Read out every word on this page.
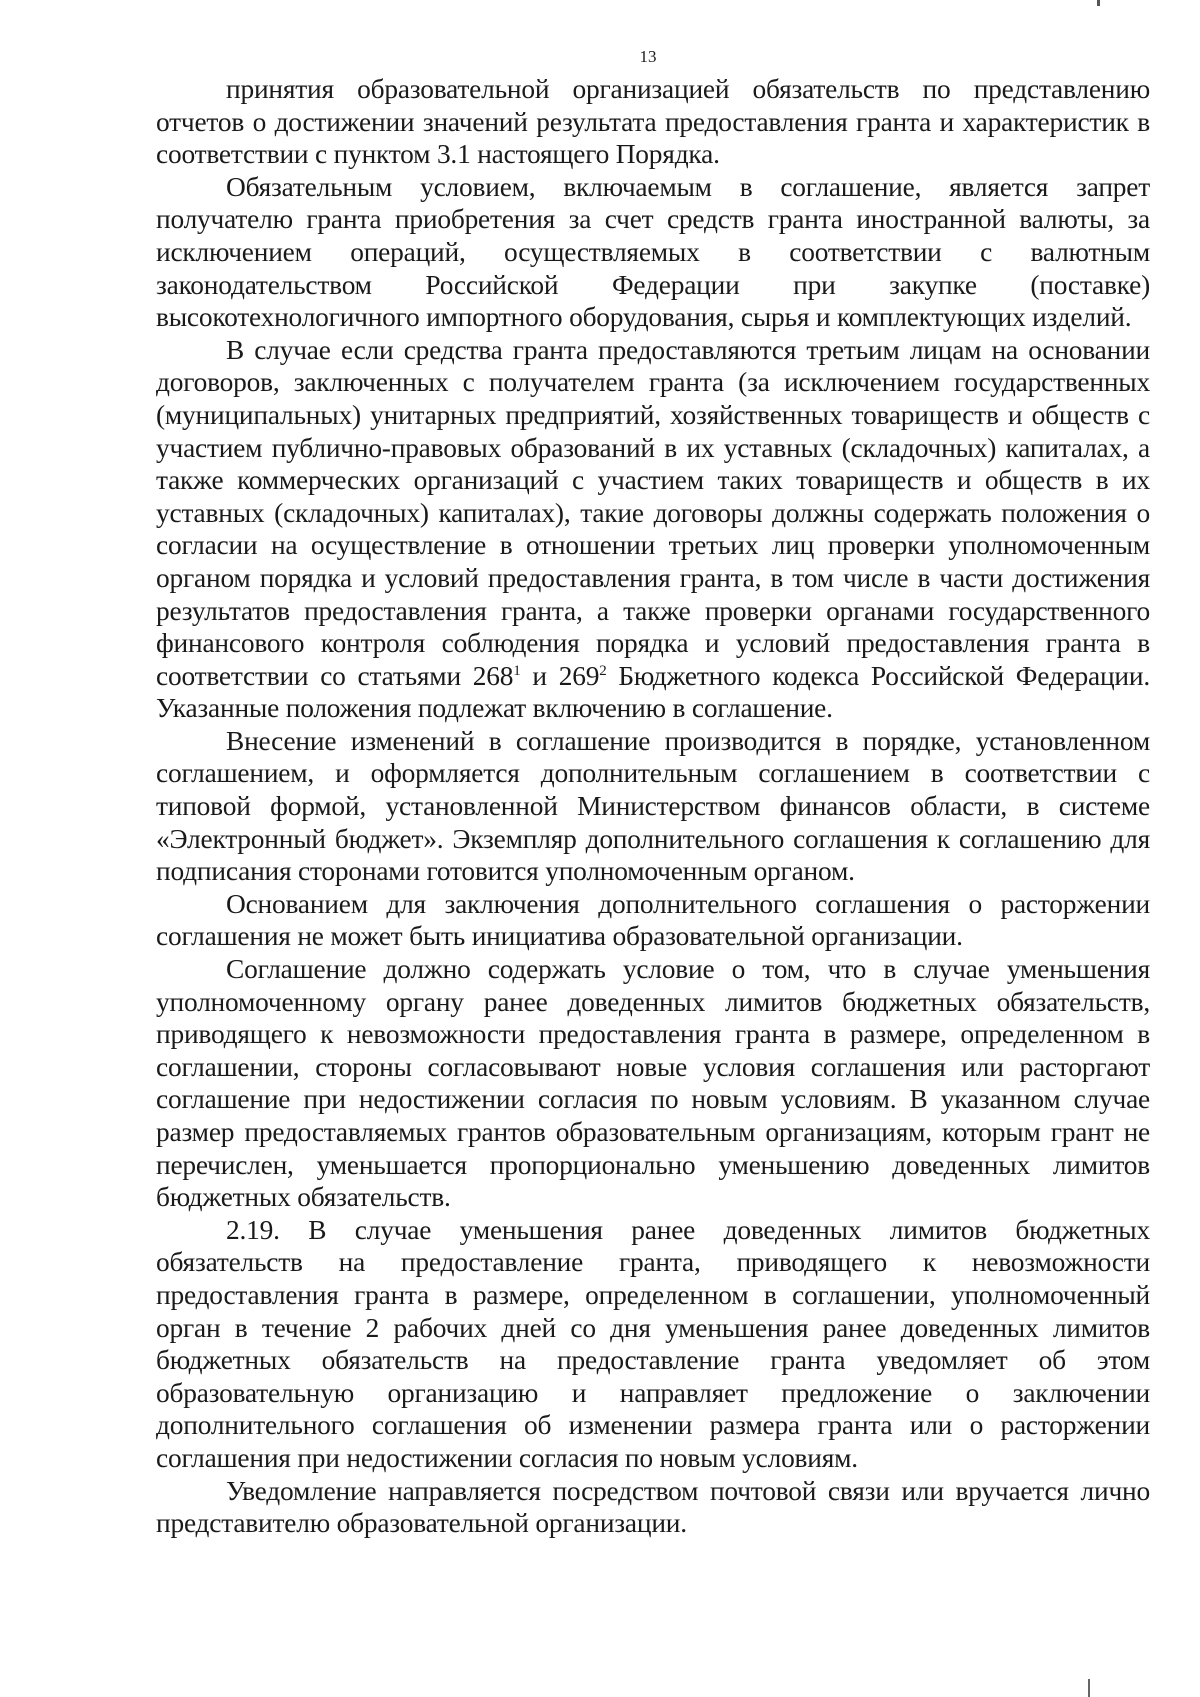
13

принятия образовательной организацией обязательств по представлению отчетов о достижении значений результата предоставления гранта и характеристик в соответствии с пунктом 3.1 настоящего Порядка.

Обязательным условием, включаемым в соглашение, является запрет получателю гранта приобретения за счет средств гранта иностранной валюты, за исключением операций, осуществляемых в соответствии с валютным законодательством Российской Федерации при закупке (поставке) высокотехнологичного импортного оборудования, сырья и комплектующих изделий.

В случае если средства гранта предоставляются третьим лицам на основании договоров, заключенных с получателем гранта (за исключением государственных (муниципальных) унитарных предприятий, хозяйственных товариществ и обществ с участием публично-правовых образований в их уставных (складочных) капиталах, а также коммерческих организаций с участием таких товариществ и обществ в их уставных (складочных) капиталах), такие договоры должны содержать положения о согласии на осуществление в отношении третьих лиц проверки уполномоченным органом порядка и условий предоставления гранта, в том числе в части достижения результатов предоставления гранта, а также проверки органами государственного финансового контроля соблюдения порядка и условий предоставления гранта в соответствии со статьями $268^1$ и $269^2$ Бюджетного кодекса Российской Федерации. Указанные положения подлежат включению в соглашение.

Внесение изменений в соглашение производится в порядке, установленном соглашением, и оформляется дополнительным соглашением в соответствии с типовой формой, установленной Министерством финансов области, в системе «Электронный бюджет». Экземпляр дополнительного соглашения к соглашению для подписания сторонами готовится уполномоченным органом.

Основанием для заключения дополнительного соглашения о расторжении соглашения не может быть инициатива образовательной организации.

Соглашение должно содержать условие о том, что в случае уменьшения уполномоченному органу ранее доведенных лимитов бюджетных обязательств, приводящего к невозможности предоставления гранта в размере, определенном в соглашении, стороны согласовывают новые условия соглашения или расторгают соглашение при недостижении согласия по новым условиям. В указанном случае размер предоставляемых грантов образовательным организациям, которым грант не перечислен, уменьшается пропорционально уменьшению доведенных лимитов бюджетных обязательств.

2.19. В случае уменьшения ранее доведенных лимитов бюджетных обязательств на предоставление гранта, приводящего к невозможности предоставления гранта в размере, определенном в соглашении, уполномоченный орган в течение 2 рабочих дней со дня уменьшения ранее доведенных лимитов бюджетных обязательств на предоставление гранта уведомляет об этом образовательную организацию и направляет предложение о заключении дополнительного соглашения об изменении размера гранта или о расторжении соглашения при недостижении согласия по новым условиям.

Уведомление направляется посредством почтовой связи или вручается лично представителю образовательной организации.
